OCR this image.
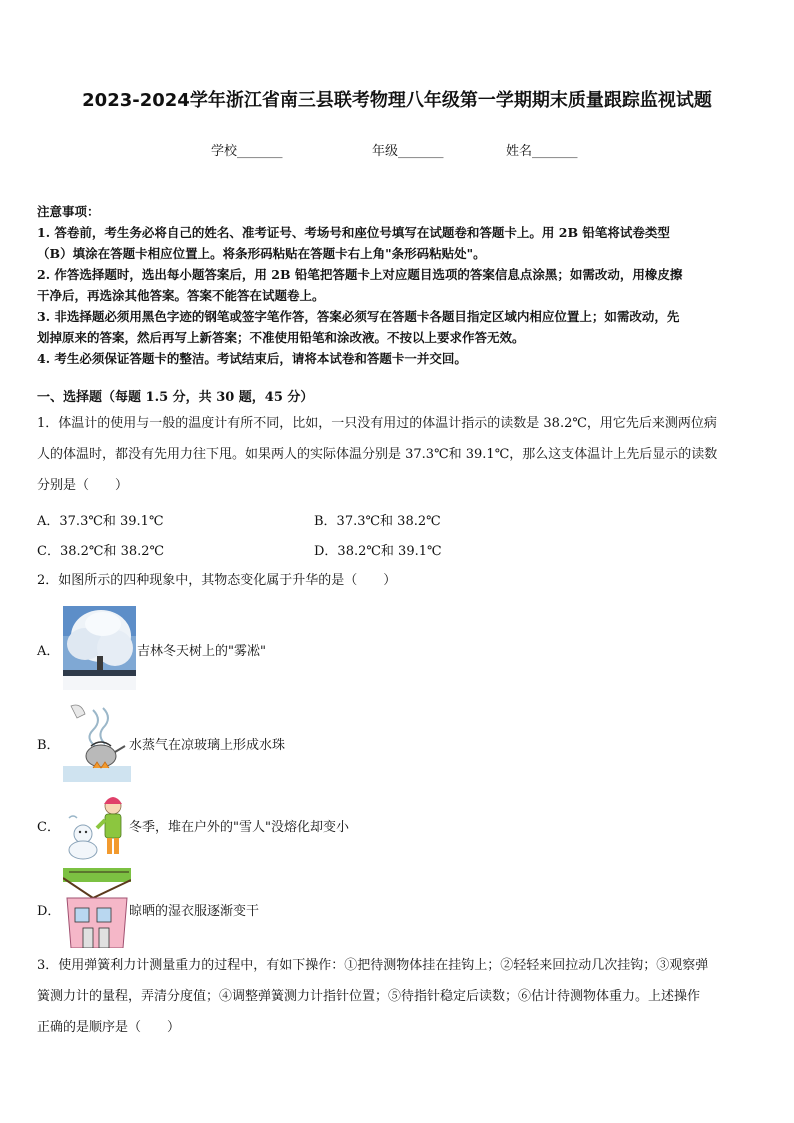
2023-2024学年浙江省南三县联考物理八年级第一学期期末质量跟踪监视试题
学校_______	年级_______	姓名_______
注意事项：
1. 答卷前，考生务必将自己的姓名、准考证号、考场号和座位号填写在试题卷和答题卡上。用 2B 铅笔将试卷类型
（B）填涂在答题卡相应位置上。将条形码粘贴在答题卡右上角"条形码粘贴处"。
2. 作答选择题时，选出每小题答案后，用 2B 铅笔把答题卡上对应题目选项的答案信息点涂黑；如需改动，用橡皮擦
干净后，再选涂其他答案。答案不能答在试题卷上。
3. 非选择题必须用黑色字迹的钢笔或签字笔作答，答案必须写在答题卡各题目指定区域内相应位置上；如需改动，先
划掉原来的答案，然后再写上新答案；不准使用铅笔和涂改液。不按以上要求作答无效。
4. 考生必须保证答题卡的整洁。考试结束后，请将本试卷和答题卡一并交回。
一、选择题（每题 1.5 分，共 30 题，45 分）
1．体温计的使用与一般的温度计有所不同，比如，一只没有用过的体温计指示的读数是 38.2℃，用它先后来测两位病
人的体温时，都没有先用力往下甩。如果两人的实际体温分别是 37.3℃和 39.1℃，那么这支体温计上先后显示的读数
分别是（　　）
A．37.3℃和 39.1℃	B．37.3℃和 38.2℃
C．38.2℃和 38.2℃	D．38.2℃和 39.1℃
2．如图所示的四种现象中，其物态变化属于升华的是（　　）
A．	吉林冬天树上的"雾凇"
B．	水蒸气在凉玻璃上形成水珠
C．	冬季，堆在户外的"雪人"没熔化却变小
D．	晾晒的湿衣服逐渐变干
3．使用弹簧利力计测量重力的过程中，有如下操作：①把待测物体挂在挂钩上；②轻轻来回拉动几次挂钩；③观察弹
簧测力计的量程，弄清分度值；④调整弹簧测力计指针位置；⑤待指针稳定后读数；⑥估计待测物体重力。上述操作
正确的是顺序是（　　）
